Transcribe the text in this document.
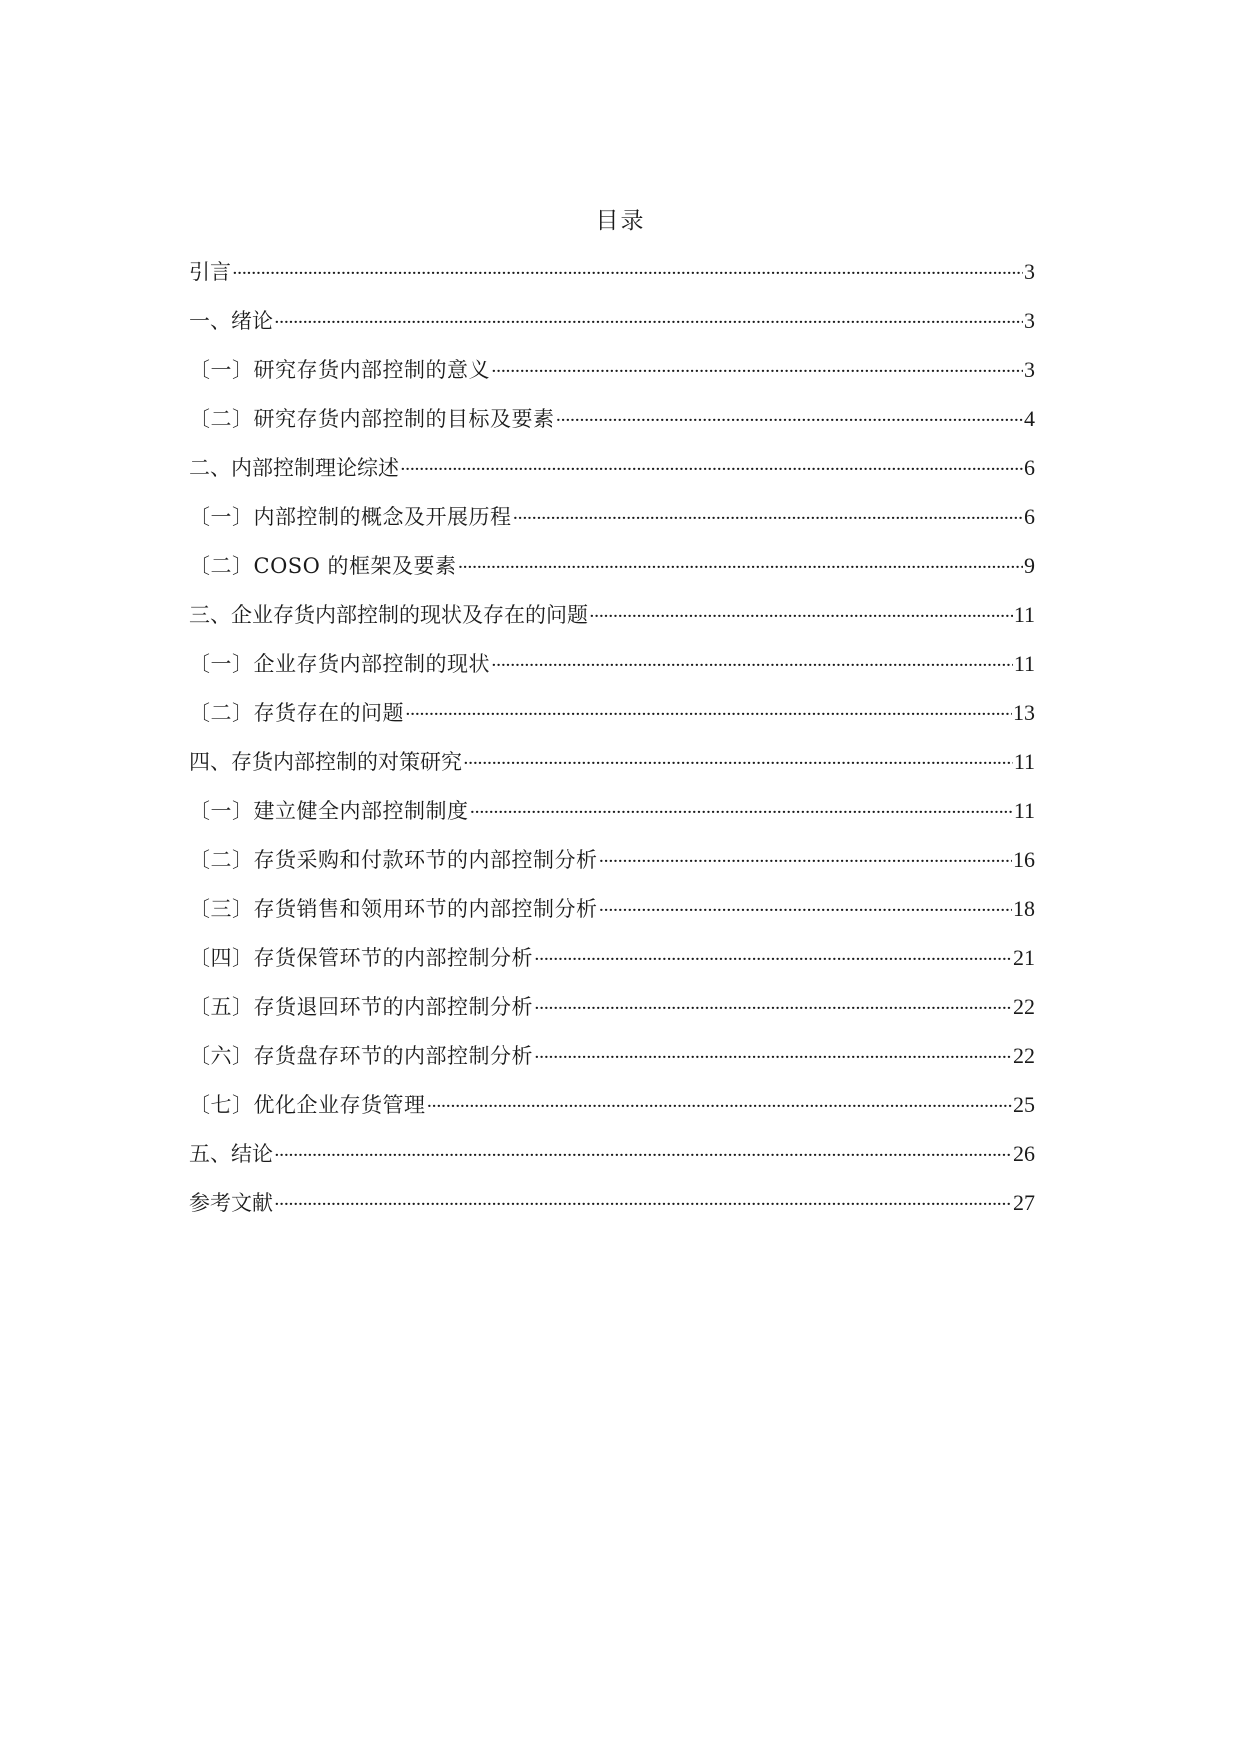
目录
引言 ·····	3
一、绪论 ·····	3
〔一〕研究存货内部控制的意义 ·····	3
〔二〕研究存货内部控制的目标及要素 ·····	4
二、内部控制理论综述 ·····	6
〔一〕内部控制的概念及开展历程 ·····	6
〔二〕COSO 的框架及要素 ·····	9
三、企业存货内部控制的现状及存在的问题 ·····	11
〔一〕企业存货内部控制的现状 ·····	11
〔二〕存货存在的问题 ·····	13
四、存货内部控制的对策研究 ·····	11
〔一〕建立健全内部控制制度 ·····	11
〔二〕存货采购和付款环节的内部控制分析 ·····	16
〔三〕存货销售和领用环节的内部控制分析 ·····	18
〔四〕存货保管环节的内部控制分析 ·····	21
〔五〕存货退回环节的内部控制分析 ·····	22
〔六〕存货盘存环节的内部控制分析 ·····	22
〔七〕优化企业存货管理 ·····	25
五、结论 ·····	26
参考文献 ·····	27
